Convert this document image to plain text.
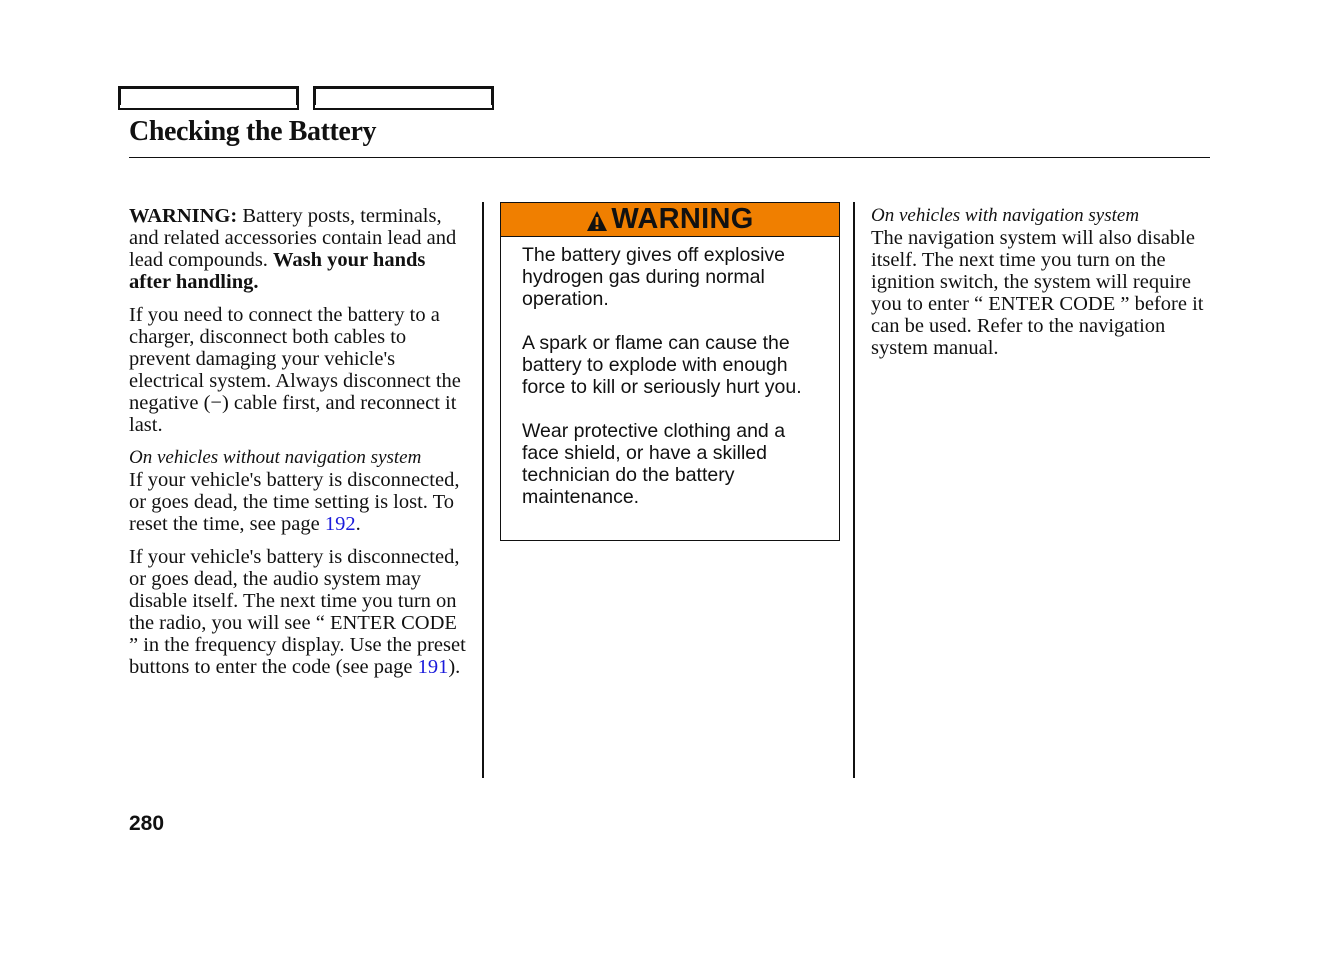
Checking the Battery

WARNING: Battery posts, terminals, and related accessories contain lead and lead compounds. Wash your hands after handling.

If you need to connect the battery to a charger, disconnect both cables to prevent damaging your vehicle's electrical system. Always disconnect the negative (−) cable first, and reconnect it last.

On vehicles without navigation system
If your vehicle's battery is disconnected, or goes dead, the time setting is lost. To reset the time, see page 192.

If your vehicle's battery is disconnected, or goes dead, the audio system may disable itself. The next time you turn on the radio, you will see “ ENTER CODE ” in the frequency display. Use the preset buttons to enter the code (see page 191).

WARNING

The battery gives off explosive hydrogen gas during normal operation.

A spark or flame can cause the battery to explode with enough force to kill or seriously hurt you.

Wear protective clothing and a face shield, or have a skilled technician do the battery maintenance.

On vehicles with navigation system
The navigation system will also disable itself. The next time you turn on the ignition switch, the system will require you to enter “ ENTER CODE ” before it can be used. Refer to the navigation system manual.

280
